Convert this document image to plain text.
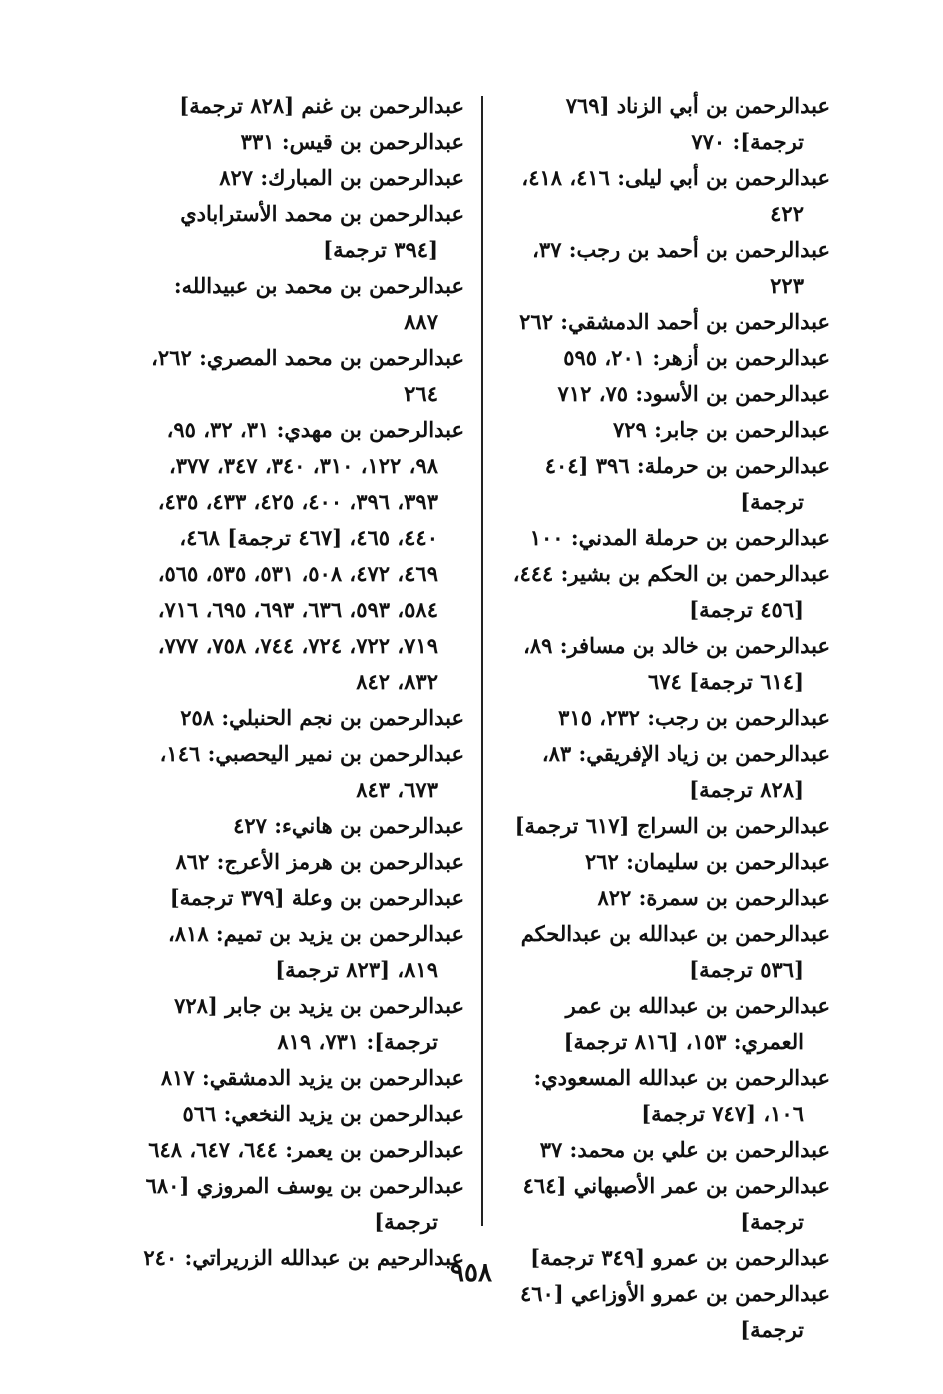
عبدالرحمن بن أبي الزناد [٧٦٩ ترجمة]: ٧٧٠

عبدالرحمن بن أبي ليلى: ٤١٦، ٤١٨، ٤٢٢

عبدالرحمن بن أحمد بن رجب: ٣٧، ٢٢٣

عبدالرحمن بن أحمد الدمشقي: ٢٦٢

عبدالرحمن بن أزهر: ٢٠١، ٥٩٥

عبدالرحمن بن الأسود: ٧٥، ٧١٢

عبدالرحمن بن جابر: ٧٢٩

عبدالرحمن بن حرملة: ٣٩٦ [٤٠٤ ترجمة]

عبدالرحمن بن حرملة المدني: ١٠٠

عبدالرحمن بن الحكم بن بشير: ٤٤٤، [٤٥٦ ترجمة]

عبدالرحمن بن خالد بن مسافر: ٨٩، [٦١٤ ترجمة] ٦٧٤

عبدالرحمن بن رجب: ٢٣٢، ٣١٥

عبدالرحمن بن زياد الإفريقي: ٨٣، [٨٢٨ ترجمة]

عبدالرحمن بن السراج [٦١٧ ترجمة]

عبدالرحمن بن سليمان: ٢٦٢

عبدالرحمن بن سمرة: ٨٢٢

عبدالرحمن بن عبدالله بن عبدالحكم [٥٣٦ ترجمة]

عبدالرحمن بن عبدالله بن عمر العمري: ١٥٣، [٨١٦ ترجمة]

عبدالرحمن بن عبدالله المسعودي: ١٠٦، [٧٤٧ ترجمة]

عبدالرحمن بن علي بن محمد: ٣٧

عبدالرحمن بن عمر الأصبهاني [٤٦٤ ترجمة]

عبدالرحمن بن عمرو [٣٤٩ ترجمة]

عبدالرحمن بن عمرو الأوزاعي [٤٦٠ ترجمة]

عبدالرحمن بن غنم [٨٢٨ ترجمة]

عبدالرحمن بن قيس: ٣٣١

عبدالرحمن بن المبارك: ٨٢٧

عبدالرحمن بن محمد الأسترابادي [٣٩٤ ترجمة]

عبدالرحمن بن محمد بن عبيدالله: ٨٨٧

عبدالرحمن بن محمد المصري: ٢٦٢، ٢٦٤

عبدالرحمن بن مهدي: ٣١، ٣٢، ٩٥، ٩٨، ١٢٢، ٣١٠، ٣٤٠، ٣٤٧، ٣٧٧، ٣٩٣، ٣٩٦، ٤٠٠، ٤٢٥، ٤٣٣، ٤٣٥، ٤٤٠، ٤٦٥، [٤٦٧ ترجمة] ٤٦٨، ٤٦٩، ٤٧٢، ٥٠٨، ٥٣١، ٥٣٥، ٥٦٥، ٥٨٤، ٥٩٣، ٦٣٦، ٦٩٣، ٦٩٥، ٧١٦، ٧١٩، ٧٢٢، ٧٢٤، ٧٤٤، ٧٥٨، ٧٧٧، ٨٣٢، ٨٤٢

عبدالرحمن بن نجم الحنبلي: ٢٥٨

عبدالرحمن بن نمير اليحصبي: ١٤٦، ٦٧٣، ٨٤٣

عبدالرحمن بن هانيء: ٤٢٧

عبدالرحمن بن هرمز الأعرج: ٨٦٢

عبدالرحمن بن وعلة [٣٧٩ ترجمة]

عبدالرحمن بن يزيد بن تميم: ٨١٨، ٨١٩، [٨٢٣ ترجمة]

عبدالرحمن بن يزيد بن جابر [٧٢٨ ترجمة]: ٧٣١، ٨١٩

عبدالرحمن بن يزيد الدمشقي: ٨١٧

عبدالرحمن بن يزيد النخعي: ٥٦٦

عبدالرحمن بن يعمر: ٦٤٤، ٦٤٧، ٦٤٨

عبدالرحمن بن يوسف المروزي [٦٨٠ ترجمة]

عبدالرحيم بن عبدالله الزريراتي: ٢٤٠

٩٥٨
